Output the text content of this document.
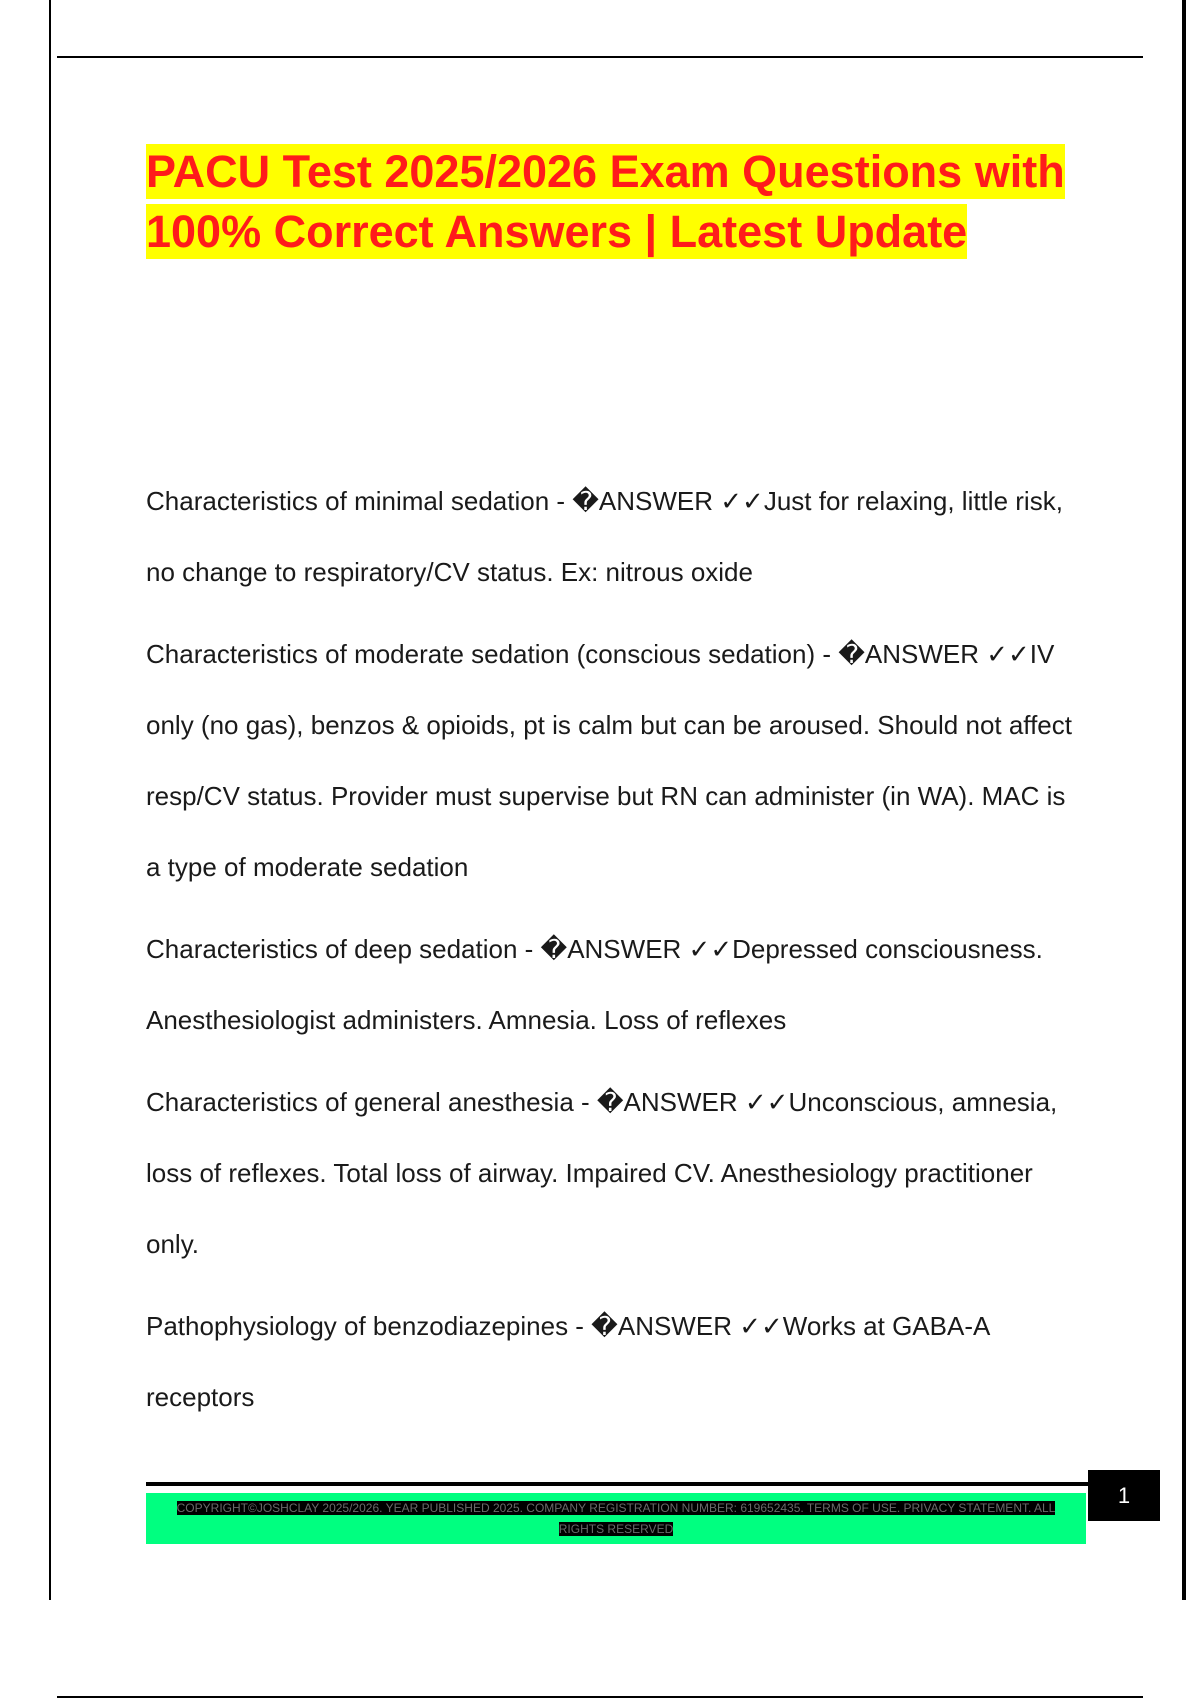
PACU Test 2025/2026 Exam Questions with 100% Correct Answers | Latest Update
Characteristics of minimal sedation - �ANSWER ✓✓Just for relaxing, little risk, no change to respiratory/CV status. Ex: nitrous oxide
Characteristics of moderate sedation (conscious sedation) - �ANSWER ✓✓IV only (no gas), benzos & opioids, pt is calm but can be aroused. Should not affect resp/CV status. Provider must supervise but RN can administer (in WA). MAC is a type of moderate sedation
Characteristics of deep sedation - �ANSWER ✓✓Depressed consciousness. Anesthesiologist administers. Amnesia. Loss of reflexes
Characteristics of general anesthesia - �ANSWER ✓✓Unconscious, amnesia, loss of reflexes. Total loss of airway. Impaired CV. Anesthesiology practitioner only.
Pathophysiology of benzodiazepines - �ANSWER ✓✓Works at GABA-A receptors
COPYRIGHT©JOSHCLAY 2025/2026. YEAR PUBLISHED 2025. COMPANY REGISTRATION NUMBER: 619652435. TERMS OF USE. PRIVACY STATEMENT. ALL RIGHTS RESERVED
1
